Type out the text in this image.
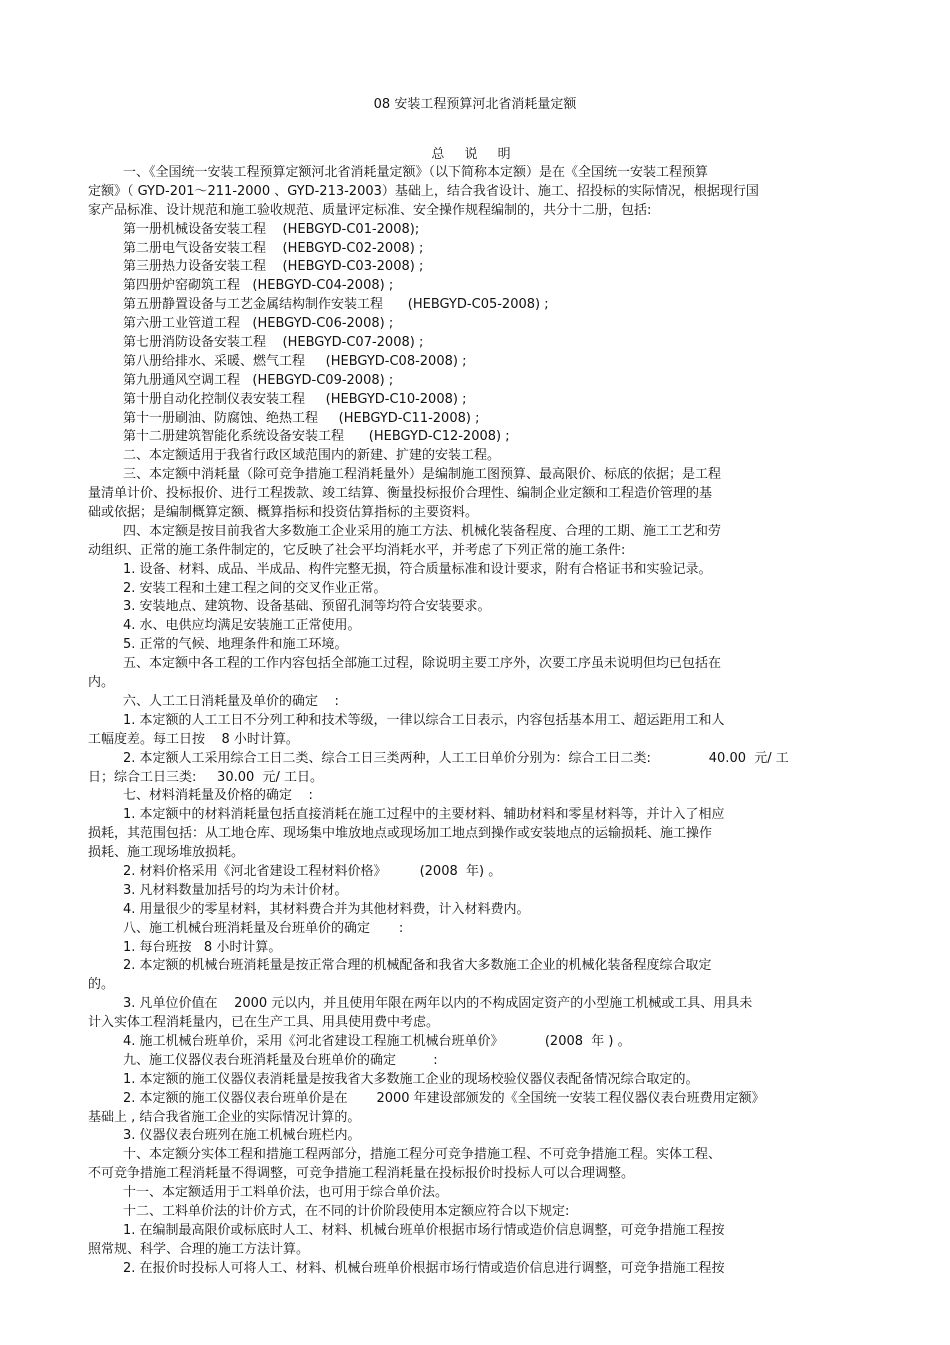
08 安装工程预算河北省消耗量定额
总 说 明
一、《全国统一安装工程预算定额河北省消耗量定额》（以下简称本定额）是在《全国统一安装工程预算
定额》（ GYD-201～211-2000 、GYD-213-2003）基础上，结合我省设计、施工、招投标的实际情况，根据现行国
家产品标准、设计规范和施工验收规范、质量评定标准、安全操作规程编制的，共分十二册，包括:
第一册机械设备安装工程    (HEBGYD-C01-2008);
第二册电气设备安装工程    (HEBGYD-C02-2008) ;
第三册热力设备安装工程    (HEBGYD-C03-2008) ;
第四册炉窑砌筑工程   (HEBGYD-C04-2008) ;
第五册静置设备与工艺金属结构制作安装工程      (HEBGYD-C05-2008) ;
第六册工业管道工程   (HEBGYD-C06-2008) ;
第七册消防设备安装工程    (HEBGYD-C07-2008) ;
第八册给排水、采暖、燃气工程     (HEBGYD-C08-2008) ;
第九册通风空调工程   (HEBGYD-C09-2008) ;
第十册自动化控制仪表安装工程     (HEBGYD-C10-2008) ;
第十一册刷油、防腐蚀、绝热工程     (HEBGYD-C11-2008) ;
第十二册建筑智能化系统设备安装工程      (HEBGYD-C12-2008) ;
二、本定额适用于我省行政区域范围内的新建、扩建的安装工程。
三、本定额中消耗量（除可竞争措施工程消耗量外）是编制施工图预算、最高限价、标底的依据；是工程
量清单计价、投标报价、进行工程拨款、竣工结算、衡量投标报价合理性、编制企业定额和工程造价管理的基
础或依据；是编制概算定额、概算指标和投资估算指标的主要资料。
四、本定额是按目前我省大多数施工企业采用的施工方法、机械化装备程度、合理的工期、施工工艺和劳
动组织、正常的施工条件制定的，它反映了社会平均消耗水平，并考虑了下列正常的施工条件:
1. 设备、材料、成品、半成品、构件完整无损，符合质量标准和设计要求，附有合格证书和实验记录。
2. 安装工程和土建工程之间的交叉作业正常。
3. 安装地点、建筑物、设备基础、预留孔洞等均符合安装要求。
4. 水、电供应均满足安装施工正常使用。
5. 正常的气候、地理条件和施工环境。
五、本定额中各工程的工作内容包括全部施工过程，除说明主要工序外，次要工序虽未说明但均已包括在
内。
六、人工工日消耗量及单价的确定    :
1. 本定额的人工工日不分列工种和技术等级，一律以综合工日表示，内容包括基本用工、超运距用工和人
工幅度差。每工日按    8 小时计算。
2. 本定额人工采用综合工日二类、综合工日三类两种，人工工日单价分别为：综合工日二类:              40.00  元/ 工
日；综合工日三类:     30.00  元/ 工日。
七、材料消耗量及价格的确定    :
1. 本定额中的材料消耗量包括直接消耗在施工过程中的主要材料、辅助材料和零星材料等，并计入了相应
损耗，其范围包括：从工地仓库、现场集中堆放地点或现场加工地点到操作或安装地点的运输损耗、施工操作
损耗、施工现场堆放损耗。
2. 材料价格采用《河北省建设工程材料价格》        (2008  年) 。
3. 凡材料数量加括号的均为未计价材。
4. 用量很少的零星材料，其材料费合并为其他材料费，计入材料费内。
八、施工机械台班消耗量及台班单价的确定       :
1. 每台班按   8 小时计算。
2. 本定额的机械台班消耗量是按正常合理的机械配备和我省大多数施工企业的机械化装备程度综合取定
的。
3. 凡单位价值在    2000 元以内，并且使用年限在两年以内的不构成固定资产的小型施工机械或工具、用具未
计入实体工程消耗量内，已在生产工具、用具使用费中考虑。
4. 施工机械台班单价，采用《河北省建设工程施工机械台班单价》          (2008  年 ) 。
九、施工仪器仪表台班消耗量及台班单价的确定         :
1. 本定额的施工仪器仪表消耗量是按我省大多数施工企业的现场校验仪器仪表配备情况综合取定的。
2. 本定额的施工仪器仪表台班单价是在       2000 年建设部颁发的《全国统一安装工程仪器仪表台班费用定额》
基础上 , 结合我省施工企业的实际情况计算的。
3. 仪器仪表台班列在施工机械台班栏内。
十、本定额分实体工程和措施工程两部分，措施工程分可竞争措施工程、不可竞争措施工程。实体工程、
不可竞争措施工程消耗量不得调整，可竞争措施工程消耗量在投标报价时投标人可以合理调整。
十一、本定额适用于工料单价法，也可用于综合单价法。
十二、工料单价法的计价方式，在不同的计价阶段使用本定额应符合以下规定:
1. 在编制最高限价或标底时人工、材料、机械台班单价根据市场行情或造价信息调整，可竞争措施工程按
照常规、科学、合理的施工方法计算。
2. 在报价时投标人可将人工、材料、机械台班单价根据市场行情或造价信息进行调整，可竞争措施工程按
